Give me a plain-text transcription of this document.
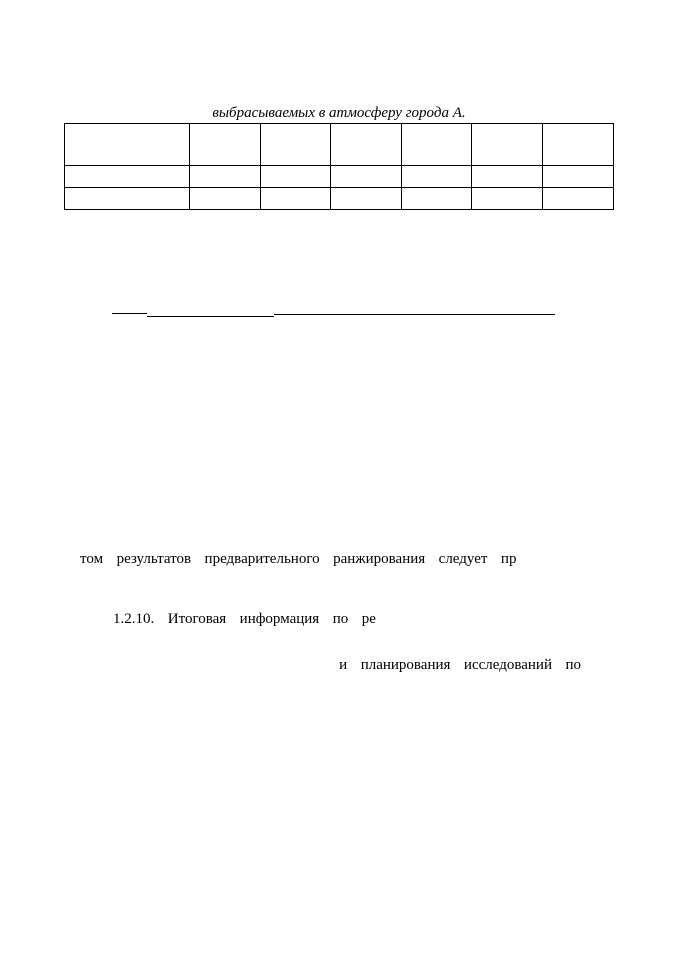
выбрасываемых в атмосферу города А.

том  результатов  предварительного  ранжирования  следует  пр
1.2.10.  Итоговая  информация  по  ре
и  планирования  исследований  по
